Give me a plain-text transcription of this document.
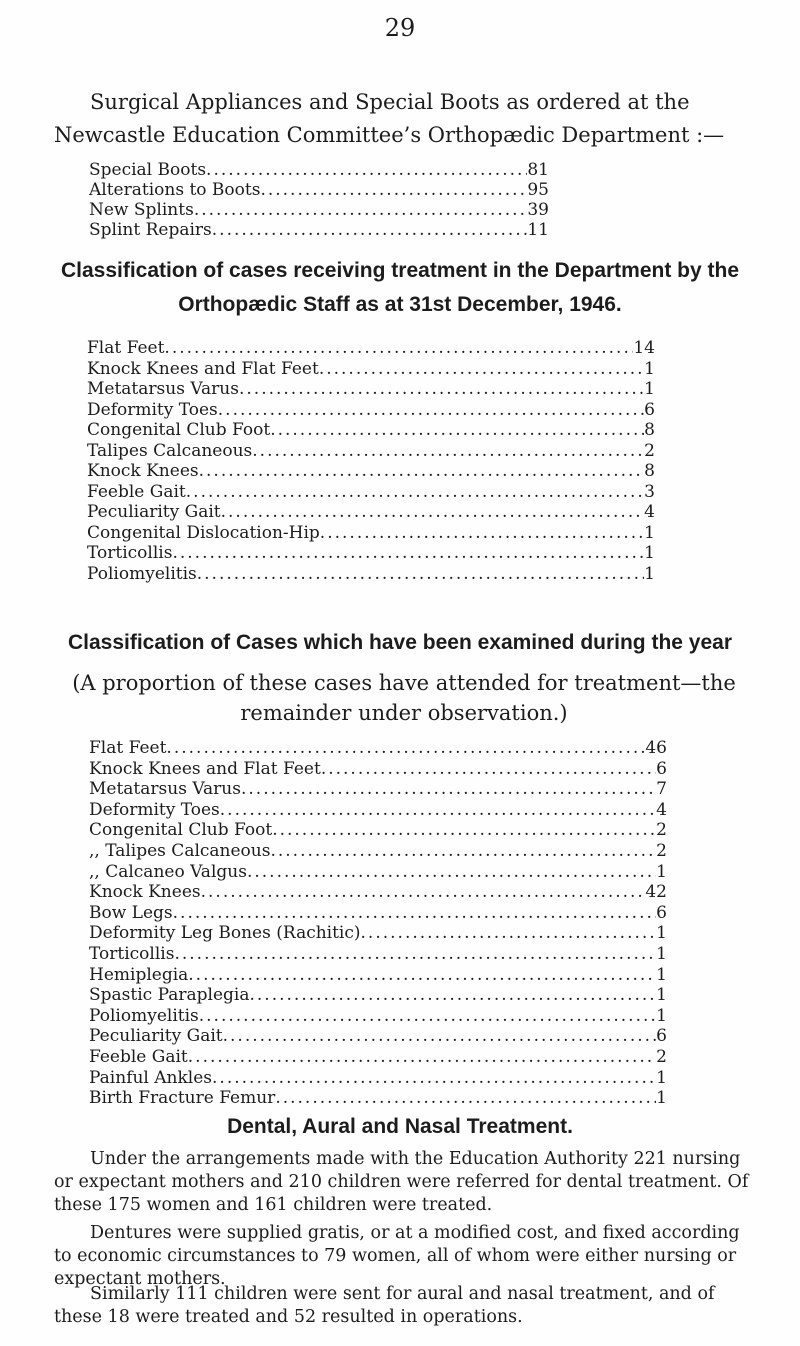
29

Surgical Appliances and Special Boots as ordered at the Newcastle Education Committee’s Orthopædic Department :—

Special Boots .....	81
Alterations to Boots .....	95
New Splints .....	39
Splint Repairs .....	11
Classification of cases receiving treatment in the Department by the Orthopædic Staff as at 31st December, 1946.
Flat Feet .....	14
Knock Knees and Flat Feet .....	1
Metatarsus Varus .....	1
Deformity Toes .....	6
Congenital Club Foot .....	8
Talipes Calcaneous .....	2
Knock Knees .....	8
Feeble Gait .....	3
Peculiarity Gait .....	4
Congenital Dislocation-Hip .....	1
Torticollis .....	1
Poliomyelitis .....	1
Classification of Cases which have been examined during the year

(A proportion of these cases have attended for treatment—the remainder under observation.)

Flat Feet .....	46
Knock Knees and Flat Feet .....	6
Metatarsus Varus .....	7
Deformity Toes .....	4
Congenital Club Foot .....	2
,, Talipes Calcaneous .....	2
,, Calcaneo Valgus .....	1
Knock Knees .....	42
Bow Legs .....	6
Deformity Leg Bones (Rachitic) .....	1
Torticollis .....	1
Hemiplegia .....	1
Spastic Paraplegia .....	1
Poliomyelitis .....	1
Peculiarity Gait .....	6
Feeble Gait .....	2
Painful Ankles .....	1
Birth Fracture Femur .....	1
Dental, Aural and Nasal Treatment.

Under the arrangements made with the Education Authority 221 nursing or expectant mothers and 210 children were referred for dental treatment. Of these 175 women and 161 children were treated.

Dentures were supplied gratis, or at a modified cost, and fixed according to economic circumstances to 79 women, all of whom were either nursing or expectant mothers.

Similarly 111 children were sent for aural and nasal treatment, and of these 18 were treated and 52 resulted in operations.
